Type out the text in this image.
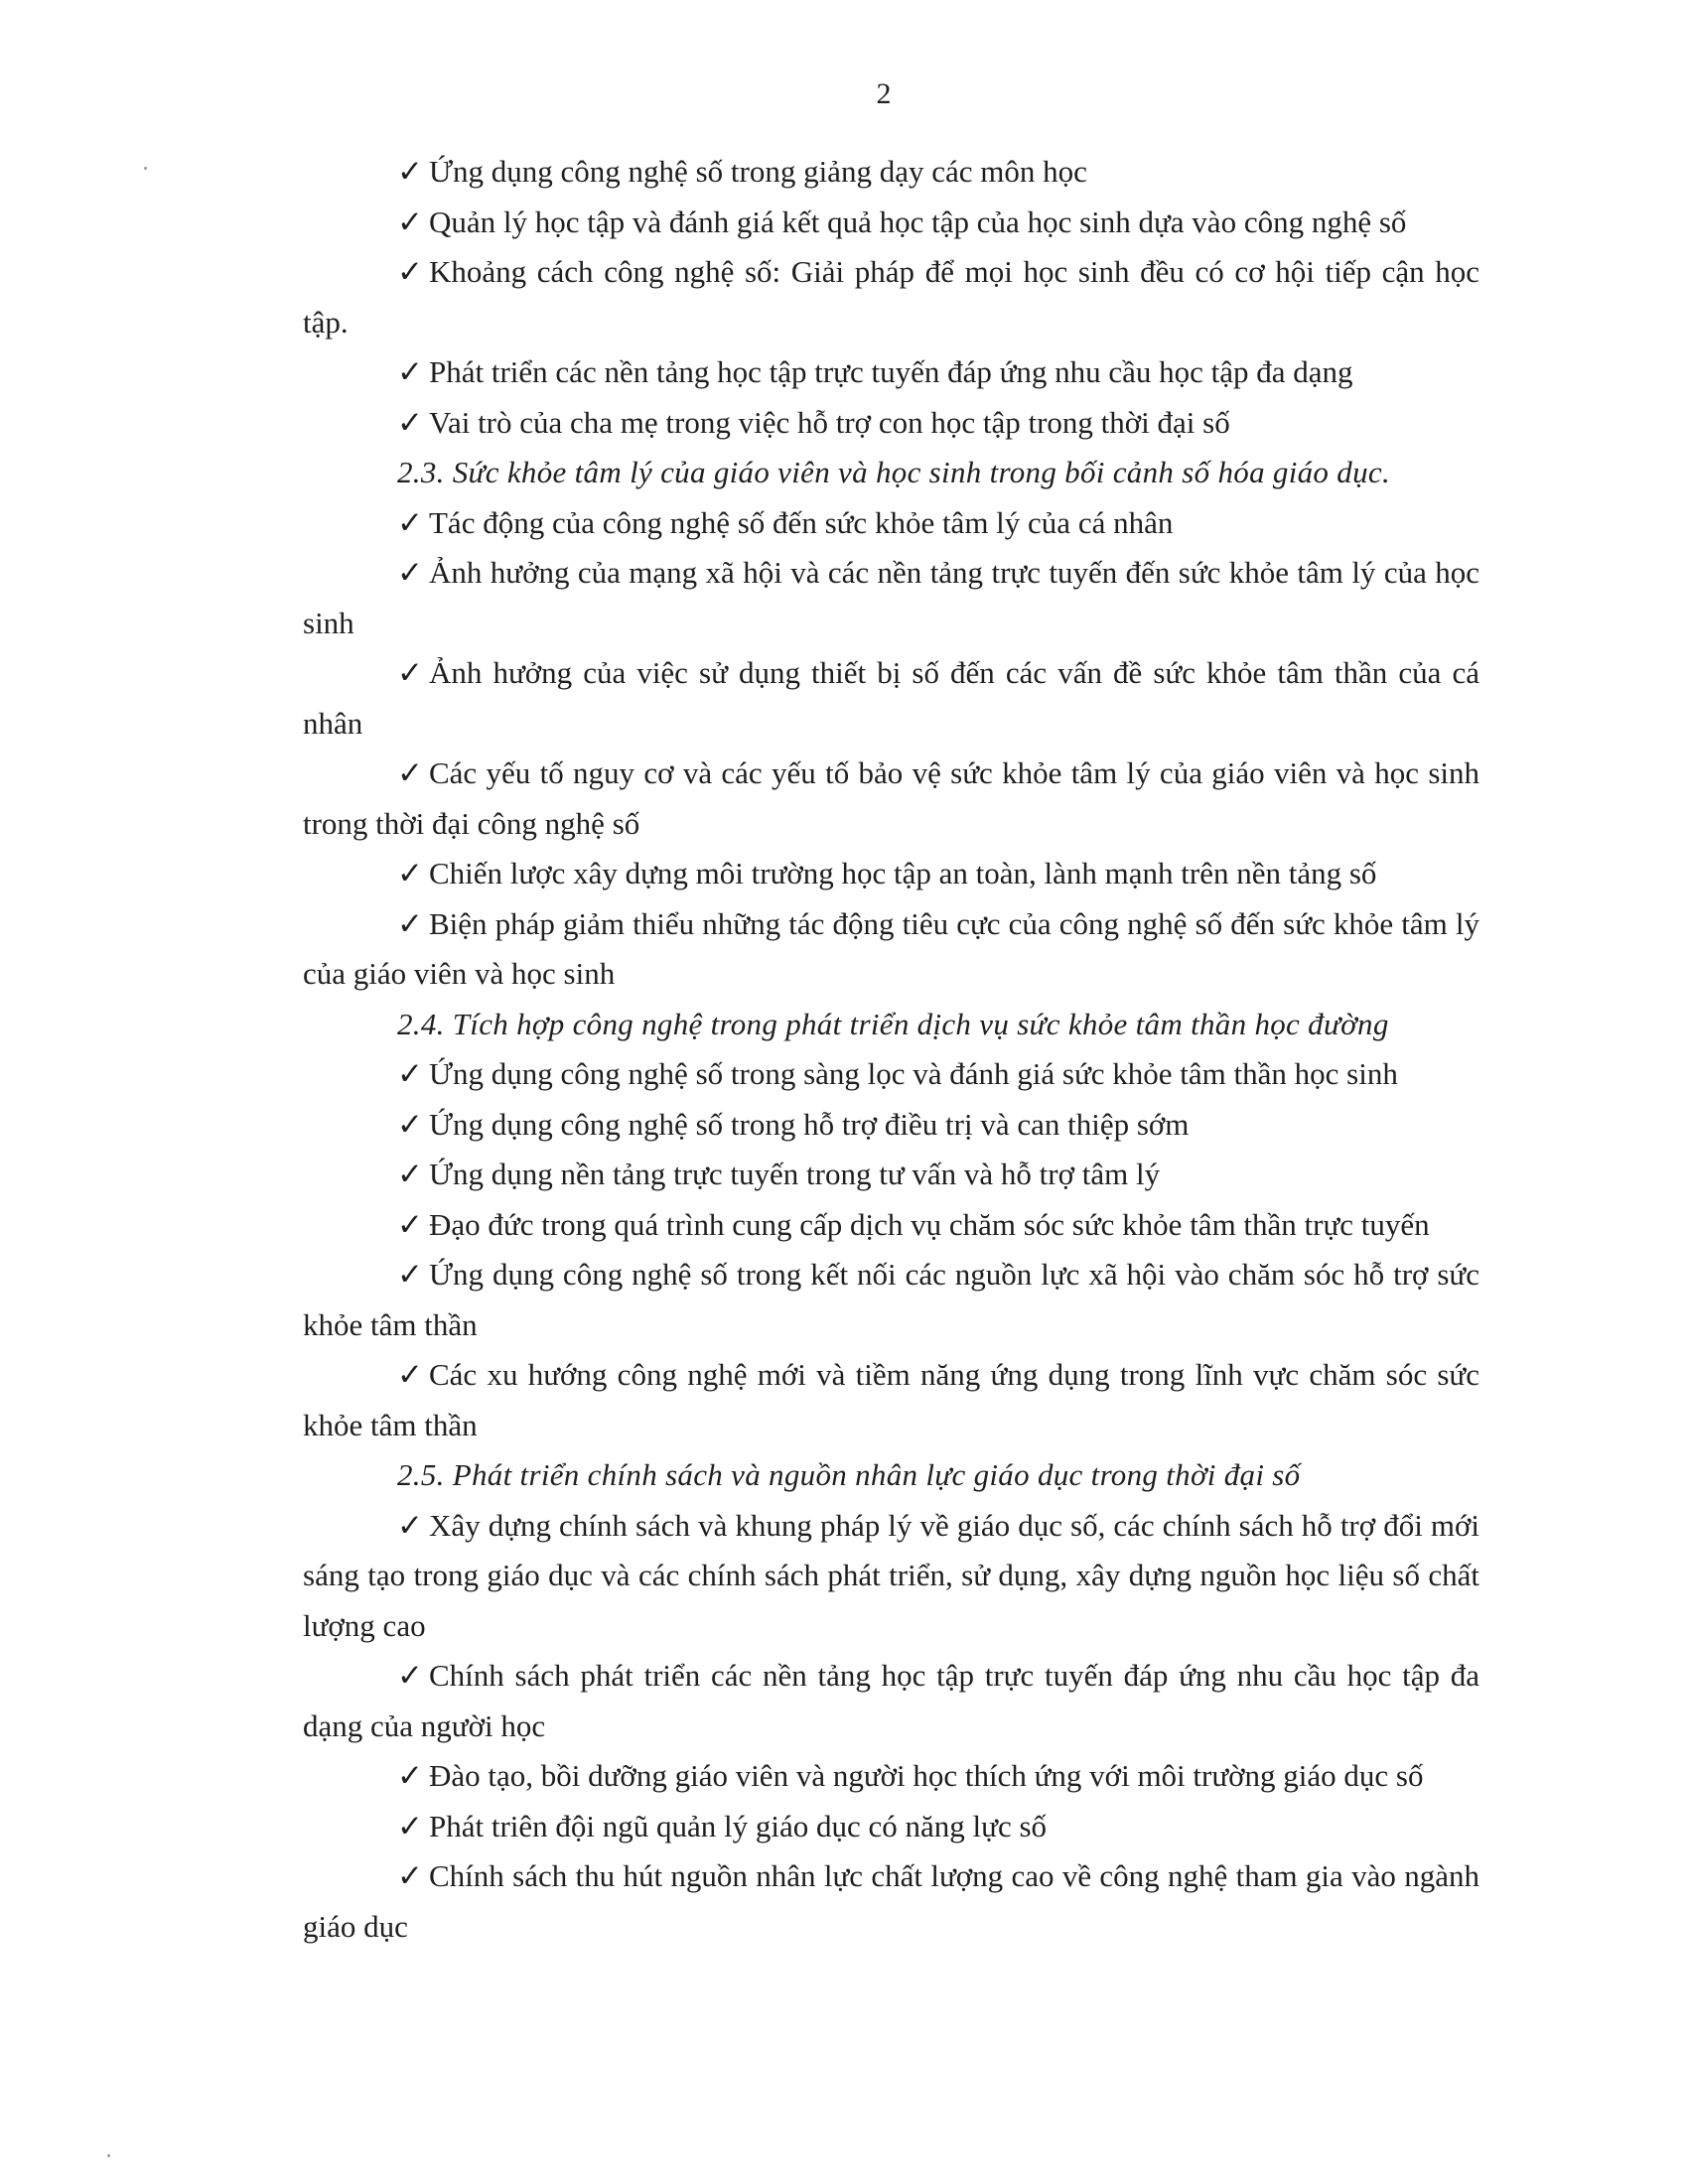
2

✓ Ứng dụng công nghệ số trong giảng dạy các môn học

✓ Quản lý học tập và đánh giá kết quả học tập của học sinh dựa vào công nghệ số

✓ Khoảng cách công nghệ số: Giải pháp để mọi học sinh đều có cơ hội tiếp cận học tập.

✓ Phát triển các nền tảng học tập trực tuyến đáp ứng nhu cầu học tập đa dạng

✓ Vai trò của cha mẹ trong việc hỗ trợ con học tập trong thời đại số

2.3. Sức khỏe tâm lý của giáo viên và học sinh trong bối cảnh số hóa giáo dục.

✓ Tác động của công nghệ số đến sức khỏe tâm lý của cá nhân

✓ Ảnh hưởng của mạng xã hội và các nền tảng trực tuyến đến sức khỏe tâm lý của học sinh

✓ Ảnh hưởng của việc sử dụng thiết bị số đến các vấn đề sức khỏe tâm thần của cá nhân

✓ Các yếu tố nguy cơ và các yếu tố bảo vệ sức khỏe tâm lý của giáo viên và học sinh trong thời đại công nghệ số

✓ Chiến lược xây dựng môi trường học tập an toàn, lành mạnh trên nền tảng số

✓ Biện pháp giảm thiểu những tác động tiêu cực của công nghệ số đến sức khỏe tâm lý của giáo viên và học sinh

2.4. Tích hợp công nghệ trong phát triển dịch vụ sức khỏe tâm thần học đường

✓ Ứng dụng công nghệ số trong sàng lọc và đánh giá sức khỏe tâm thần học sinh

✓ Ứng dụng công nghệ số trong hỗ trợ điều trị và can thiệp sớm

✓ Ứng dụng nền tảng trực tuyến trong tư vấn và hỗ trợ tâm lý

✓ Đạo đức trong quá trình cung cấp dịch vụ chăm sóc sức khỏe tâm thần trực tuyến

✓ Ứng dụng công nghệ số trong kết nối các nguồn lực xã hội vào chăm sóc hỗ trợ sức khỏe tâm thần

✓ Các xu hướng công nghệ mới và tiềm năng ứng dụng trong lĩnh vực chăm sóc sức khỏe tâm thần

2.5. Phát triển chính sách và nguồn nhân lực giáo dục trong thời đại số

✓ Xây dựng chính sách và khung pháp lý về giáo dục số, các chính sách hỗ trợ đổi mới sáng tạo trong giáo dục và các chính sách phát triển, sử dụng, xây dựng nguồn học liệu số chất lượng cao

✓ Chính sách phát triển các nền tảng học tập trực tuyến đáp ứng nhu cầu học tập đa dạng của người học

✓ Đào tạo, bồi dưỡng giáo viên và người học thích ứng với môi trường giáo dục số

✓ Phát triên đội ngũ quản lý giáo dục có năng lực số

✓ Chính sách thu hút nguồn nhân lực chất lượng cao về công nghệ tham gia vào ngành giáo dục
